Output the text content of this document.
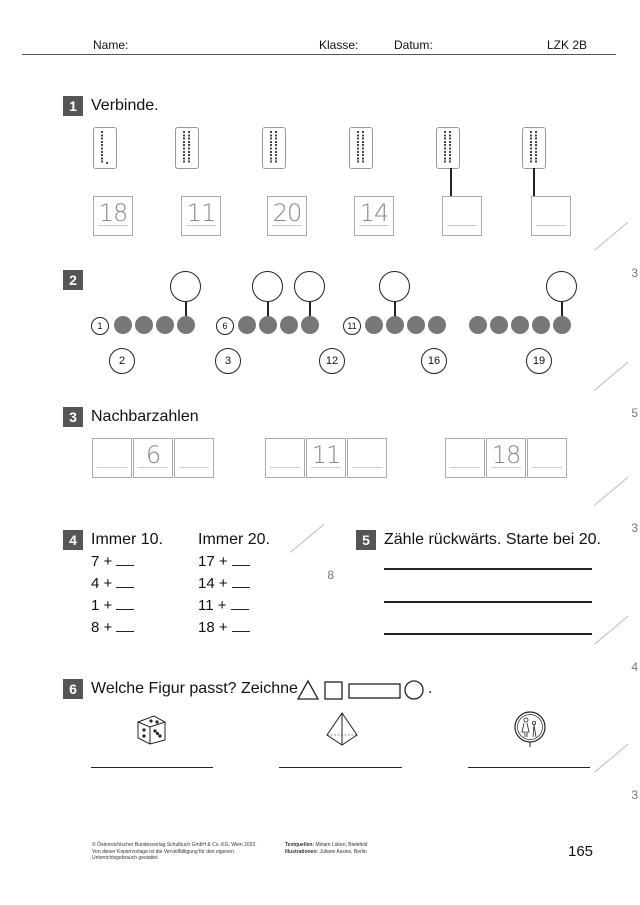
Name:	Klasse:	Datum:	LZK 2B
1 Verbinde.
3
2
5
3 Nachbarzahlen
3
4 Immer 10. Immer 20.
8
5 Zähle rückwärts. Starte bei 20.
4
6 Welche Figur passt? Zeichne	.
3
© Österreichischer Bundesverlag Schulbuch GmbH & Co. KG, Wien 2023.
Von dieser Kopiervorlage ist die Vervielfältigung für den eigenen
Unterrichtsgebrauch gestattet.
Textquellen: Miriam Lüken, Bielefeld
Illustrationen: Juliane Assies, Berlin	165
18 11 20 14
1	6	11
2	3	12	16	19
6	11	18
7 +
4 +
1 +
8 +
17 +
14 +
11 +
18 +
